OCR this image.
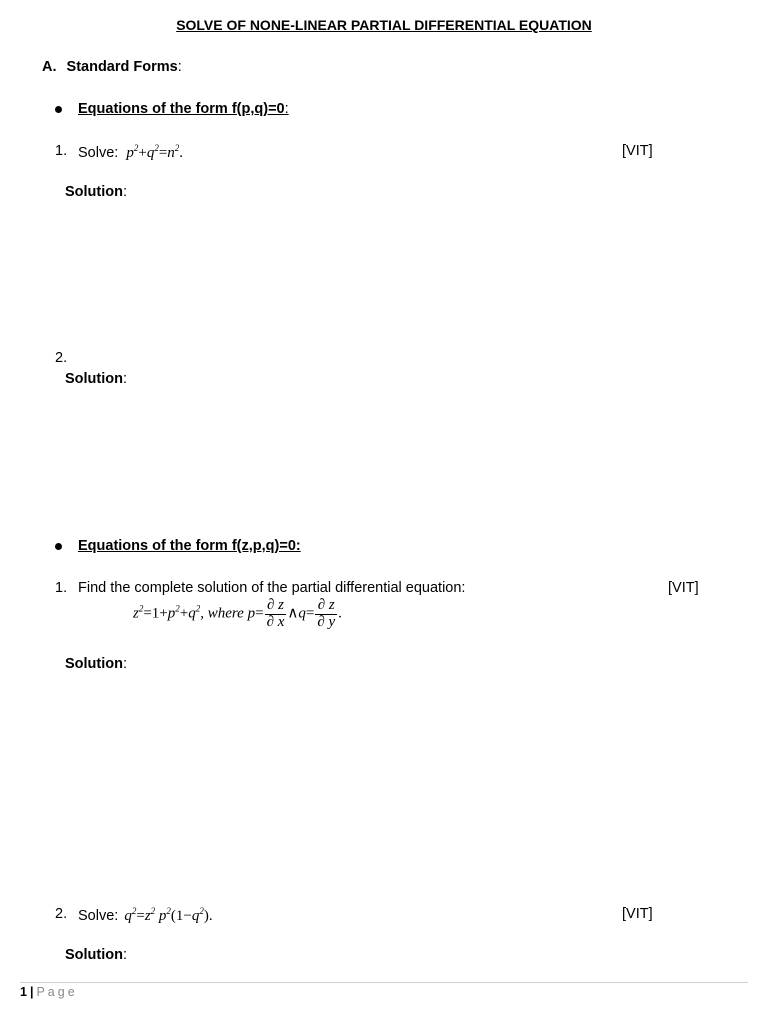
SOLVE OF NONE-LINEAR PARTIAL DIFFERENTIAL EQUATION
A. Standard Forms:
Equations of the form f(p,q)=0:
1. Solve: $p^2+q^2=n^2$.	[VIT]
Solution:
2.
Solution:
Equations of the form f(z,p,q)=0:
1. Find the complete solution of the partial differential equation:	[VIT]
$z^2=1+p^2+q^2$, where $p= \frac{\partial z}{\partial x}$ ∧q= $\frac{\partial z}{\partial y}$ .
Solution:
2. Solve: $q^2=z^2$ $p^2(1-q^2)$.	[VIT]
Solution:
1 | Page
